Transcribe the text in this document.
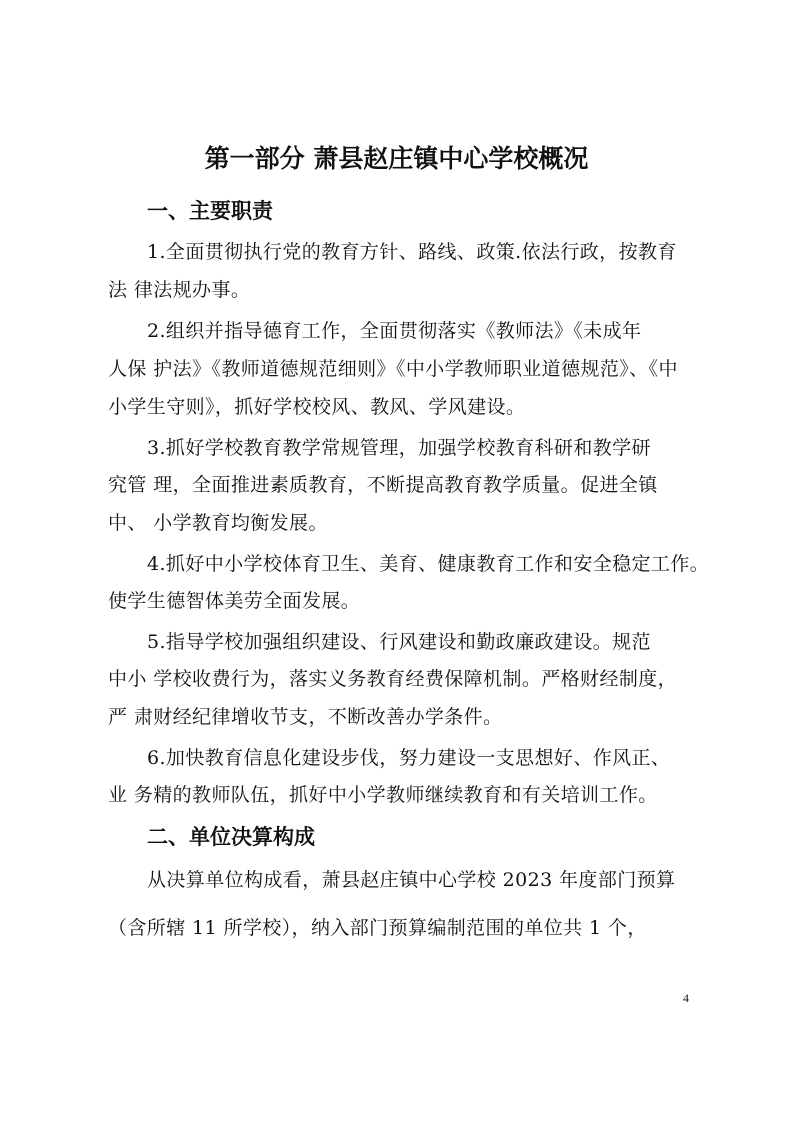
第一部分 萧县赵庄镇中心学校概况
一、主要职责
1.全面贯彻执行党的教育方针、路线、政策.依法行政，按教育
法 律法规办事。
2.组织并指导德育工作，全面贯彻落实《教师法》《未成年
人保 护法》《教师道德规范细则》《中小学教师职业道德规范》、《中
小学生守则》，抓好学校校风、教风、学风建设。
3.抓好学校教育教学常规管理，加强学校教育科研和教学研
究管 理，全面推进素质教育，不断提高教育教学质量。促进全镇
中、 小学教育均衡发展。
4.抓好中小学校体育卫生、美育、健康教育工作和安全稳定工作。
使学生德智体美劳全面发展。
5.指导学校加强组织建设、行风建设和勤政廉政建设。规范
中小 学校收费行为，落实义务教育经费保障机制。严格财经制度，
严 肃财经纪律增收节支，不断改善办学条件。
6.加快教育信息化建设步伐，努力建设一支思想好、作风正、
业 务精的教师队伍，抓好中小学教师继续教育和有关培训工作。
二、单位决算构成
从决算单位构成看，萧县赵庄镇中心学校 2023 年度部门预算
（含所辖 11 所学校），纳入部门预算编制范围的单位共 1 个，
4
